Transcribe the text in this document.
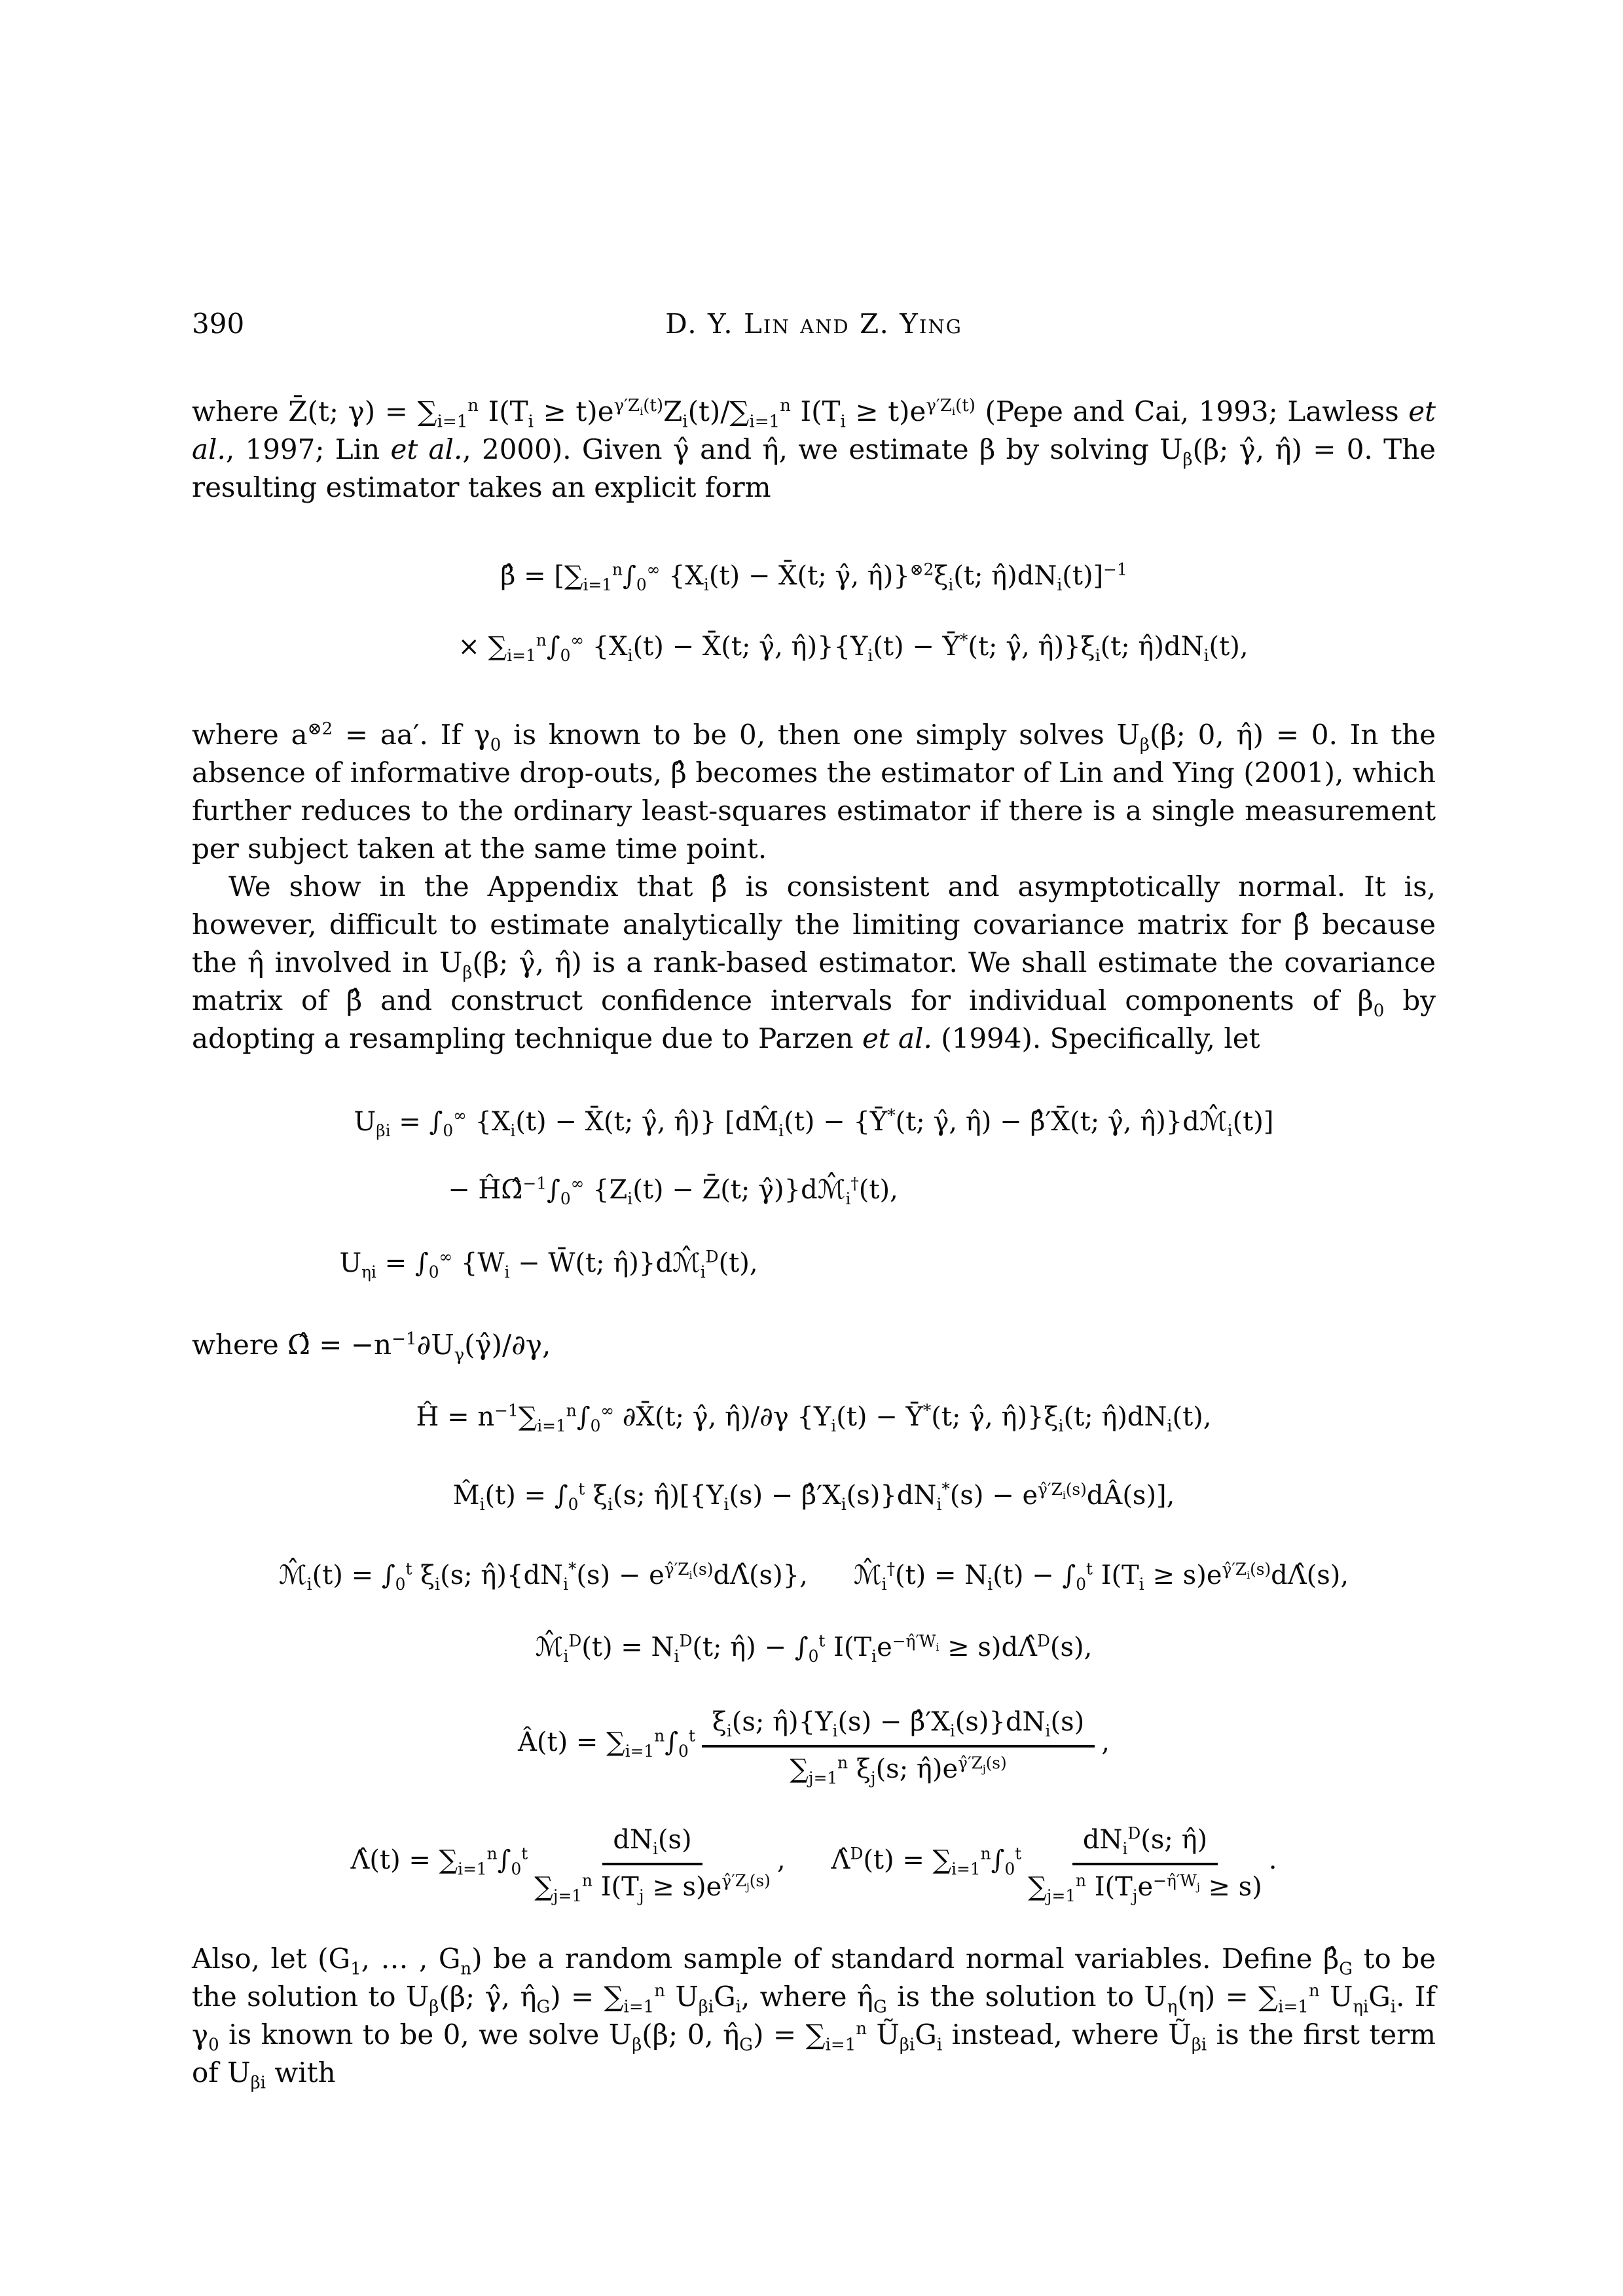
390	D. Y. Lin and Z. Ying

where Z̄(t; $\gamma) = \sum_{i=1}^n$ $I(T_i \ge t)e^{\gamma'Z_i(t)}Z_i(t)/\sum_{i=1}^n$ $I(T_i \ge t)e^{\gamma'Z_i(t)}$ (Pepe and Cai, 1993; Lawless et al., 1997; Lin et al., 2000). Given γ̂ and η̂, we estimate β by solving $U_\beta(\beta$; γ̂, η̂) = 0. The resulting estimator takes an explicit form

β̂ = [$\sum_{i=1}^n\int_0^\infty$ {$X_i(t)$ − X̄(t; γ̂, $\etâ)\}^{\otimes 2}\xi_i(t$; $\etâ)dN_i(t)]^{-1}$
× $\sum_{i=1}^n\int_0^\infty$ {$X_i(t)$ − X̄(t; γ̂, $\etâ)\}\{Y_i(t)$ − Ȳ*(t; γ̂, $\etâ)\}\xi_i(t$; $\etâ)dN_i(t)$,

where $a^{\otimes 2} = aa'$. If $\gamma_0$ is known to be 0, then one simply solves $U_\beta(\beta$; 0, η̂) = 0. In the absence of informative drop-outs, β̂ becomes the estimator of Lin and Ying (2001), which further reduces to the ordinary least-squares estimator if there is a single measurement per subject taken at the same time point.

We show in the Appendix that β̂ is consistent and asymptotically normal. It is, however, difficult to estimate analytically the limiting covariance matrix for β̂ because the η̂ involved in $U_\beta(\beta$; γ̂, η̂) is a rank-based estimator. We shall estimate the covariance matrix of β̂ and construct confidence intervals for individual components of $\beta_0$ by adopting a resampling technique due to Parzen et al. (1994). Specifically, let

$U_{\beta i} = \int_0^\infty$ {$X_i(t)$ − X̄(t; γ̂, η̂)} [$dM̂_i(t)$ − {Ȳ*(t; γ̂, η̂) − β̂′X̄(t; γ̂, $\etâ)\}dℳ̂_i(t)$]
− $Ĥ\Omegâ^{-1}\int_0^\infty$ {$Z_i(t)$ − Z̄(t; $\gammâ)\}dℳ̂_i^\dagger(t)$,
$U_{\eta i} = \int_0^\infty$ {$W_i$ − W̄(t; $\etâ)\}dℳ̂_i^D(t)$,

where Ω̂ = $-n^{-1}\partial U_\gamma(\gammâ)/\partial\gamma$,

Ĥ = $n^{-1}\sum_{i=1}^n\int_0^\infty$ ∂X̄(t; γ̂, η̂)/∂γ {$Y_i(t)$ − Ȳ*(t; γ̂, $\etâ)\}\xi_i(t$; $\etâ)dN_i(t)$,
$M̂_i(t) = \int_0^t$ $\xi_i(s$; $\etâ)[\{Y_i(s)$ − $\betâ'X_i(s)\}dN_i^*(s)$ − $e^{\gammâ'Z_i(s)}dÂ(s)$],
$ℳ̂_i(t) = \int_0^t$ $\xi_i(s$; $\etâ)\{dN_i^*(s)$ − $e^{\gammâ'Z_i(s)}d\Lambdâ(s)$}, $ℳ̂_i^\dagger(t) = N_i(t) - \int_0^t$ $I(T_i$ ≥ $s)e^{\gammâ'Z_i(s)}d\Lambdâ(s)$,
$ℳ̂_i^D(t) = N_i^D(t$; η̂) − $\int_0^t$ $I(T_ie^{-\etâ'W_i}$ ≥ s)dΛ̂$^D$(s),
Â(t) = $\sum_{i=1}^n\int_0^t \frac{\xi_i(s; \etâ)\{Y_i(s) - \betâ'X_i(s)\}dN_i(s)}{\sum_{j=1}^n \xi_j(s; \etâ)e^{\gammâ'Z_j(s)}}$ ,
Λ̂(t) = $\sum_{i=1}^n\int_0^t \frac{dN_i(s)}{\sum_{j=1}^n I(T_j \ge s)e^{\gammâ'Z_j(s)}}$ , Λ̂$^D$(t) = $\sum_{i=1}^n\int_0^t \frac{dN_i^D(s; \etâ)}{\sum_{j=1}^n I(T_je^{-\etâ'W_j} \ge s)}$ .

Also, let ($G_1$, … , $G_n$) be a random sample of standard normal variables. Define $\betâ_G$ to be the solution to $U_\beta(\beta$; γ̂, $\etâ_G) = \sum_{i=1}^n$ $U_{\beta i}G_i$, where $\etâ_G$ is the solution to $U_\eta(\eta) = \sum_{i=1}^n$ $U_{\eta i}G_i$. If $\gamma_0$ is known to be 0, we solve $U_\beta(\beta$; 0, $\etâ_G) = \sum_{i=1}^n$ $Ũ_{\beta i}G_i$ instead, where $Ũ_{\beta i}$ is the first term of $U_{\beta i}$ with
